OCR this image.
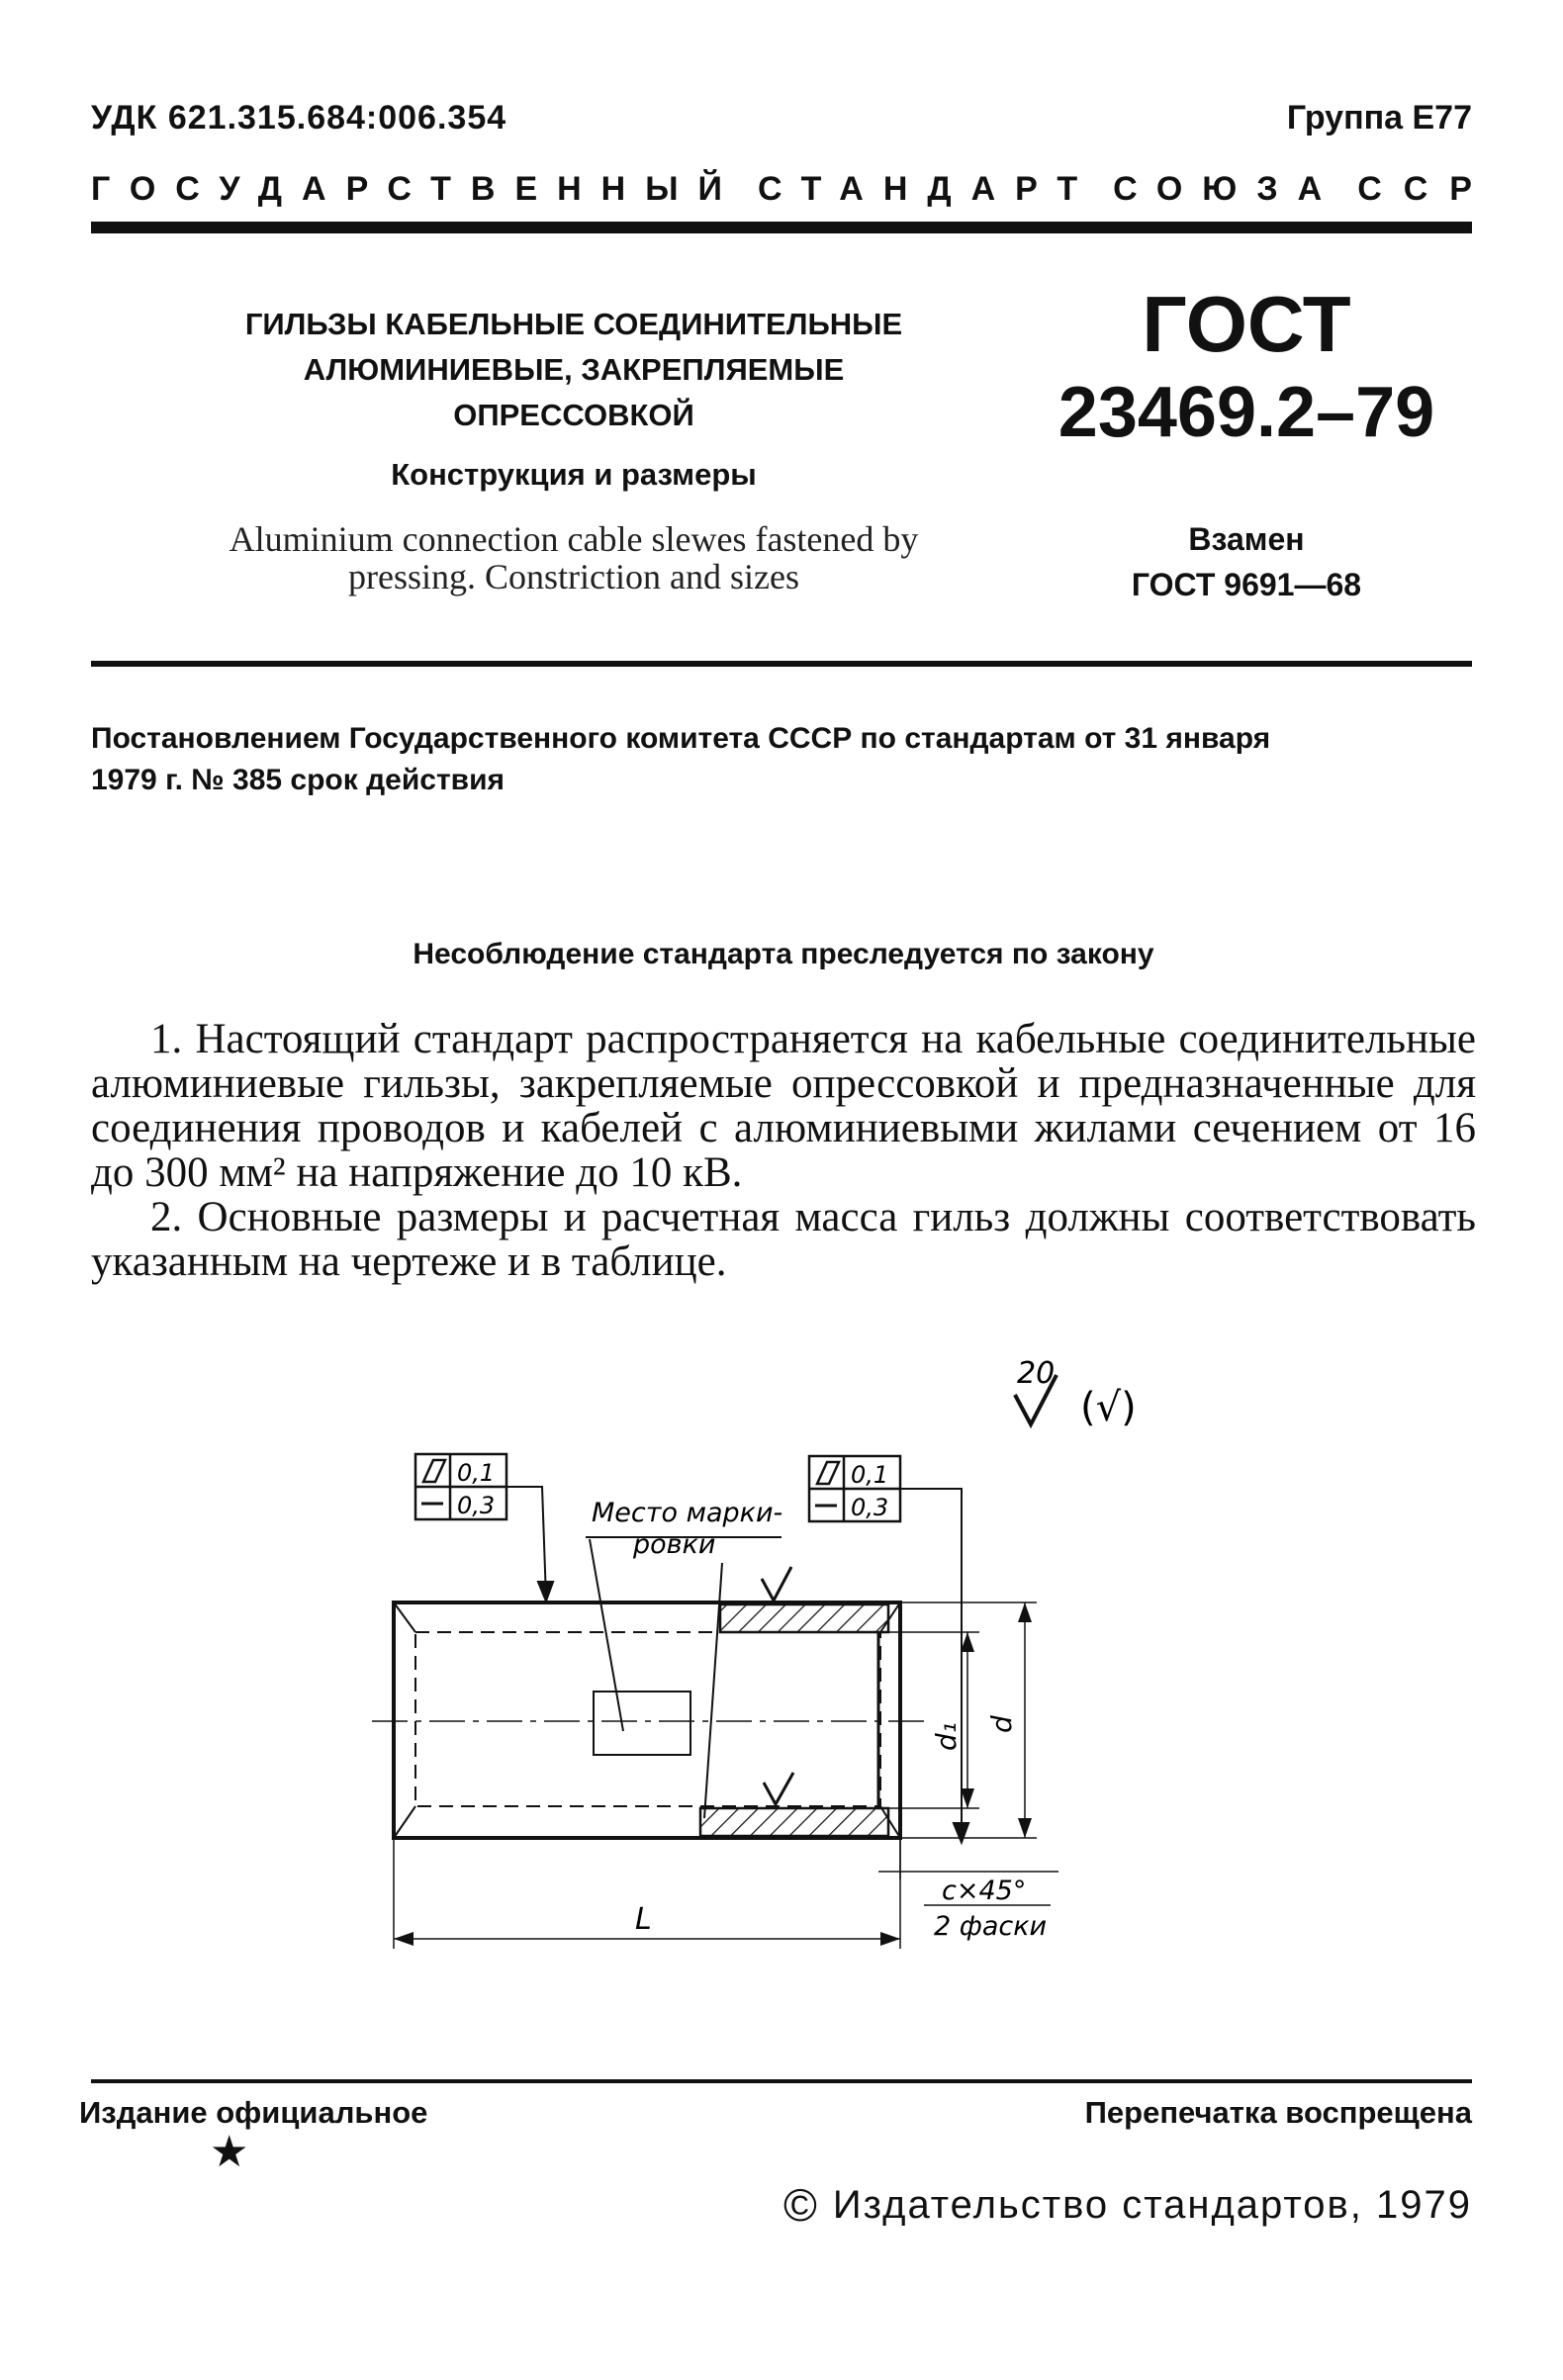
УДК 621.315.684:006.354	Группа Е77
ГОСУДАРСТВЕННЫЙ СТАНДАРТ СОЮЗА ССР
ГИЛЬЗЫ КАБЕЛЬНЫЕ СОЕДИНИТЕЛЬНЫЕ
АЛЮМИНИЕВЫЕ, ЗАКРЕПЛЯЕМЫЕ
ОПРЕССОВКОЙ
Конструкция и размеры
Aluminium connection cable slewes fastened by
pressing. Constriction and sizes
ГОСТ
23469.2–79
Взамен
ГОСТ 9691—68
Постановлением Государственного комитета СССР по стандартам от 31 января
1979 г. № 385 срок действия
Несоблюдение стандарта преследуется по закону
1. Настоящий стандарт распространяется на кабельные соединительные алюминиевые гильзы, закрепляемые опрессовкой и предназначенные для соединения проводов и кабелей с алюминиевыми жилами сечением от 16 до 300 мм² на напряжение до 10 кВ.
2. Основные размеры и расчетная масса гильз должны соответствовать указанным на чертеже и в таблице.
20
(√)
0,1
0,3
0,1
0,3
Место марки-
ровки
d₁ d
L
c×45°
2 фаски
Издание официальное	Перепечатка воспрещена
★
© Издательство стандартов, 1979
